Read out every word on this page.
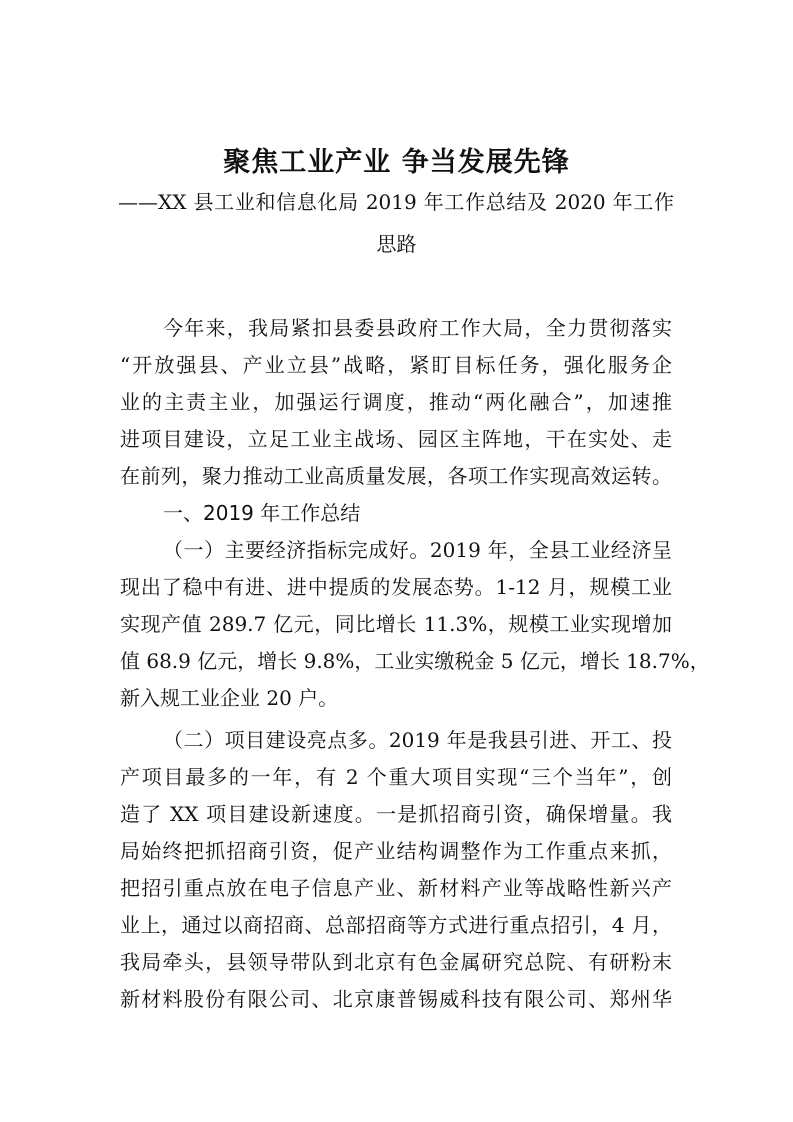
聚焦工业产业 争当发展先锋
——XX 县工业和信息化局 2019 年工作总结及 2020 年工作
思路
今年来，我局紧扣县委县政府工作大局，全力贯彻落实
“开放强县、产业立县”战略，紧盯目标任务，强化服务企
业的主责主业，加强运行调度，推动“两化融合”，加速推
进项目建设，立足工业主战场、园区主阵地，干在实处、走
在前列，聚力推动工业高质量发展，各项工作实现高效运转。
一、2019 年工作总结
（一）主要经济指标完成好。2019 年，全县工业经济呈
现出了稳中有进、进中提质的发展态势。1-12 月，规模工业
实现产值 289.7 亿元，同比增长 11.3%，规模工业实现增加
值 68.9 亿元，增长 9.8%，工业实缴税金 5 亿元，增长 18.7%，
新入规工业企业 20 户。
（二）项目建设亮点多。2019 年是我县引进、开工、投
产项目最多的一年，有 2 个重大项目实现“三个当年”，创
造了 XX 项目建设新速度。一是抓招商引资，确保增量。我
局始终把抓招商引资，促产业结构调整作为工作重点来抓，
把招引重点放在电子信息产业、新材料产业等战略性新兴产
业上，通过以商招商、总部招商等方式进行重点招引，4 月，
我局牵头，县领导带队到北京有色金属研究总院、有研粉末
新材料股份有限公司、北京康普锡威科技有限公司、郑州华
